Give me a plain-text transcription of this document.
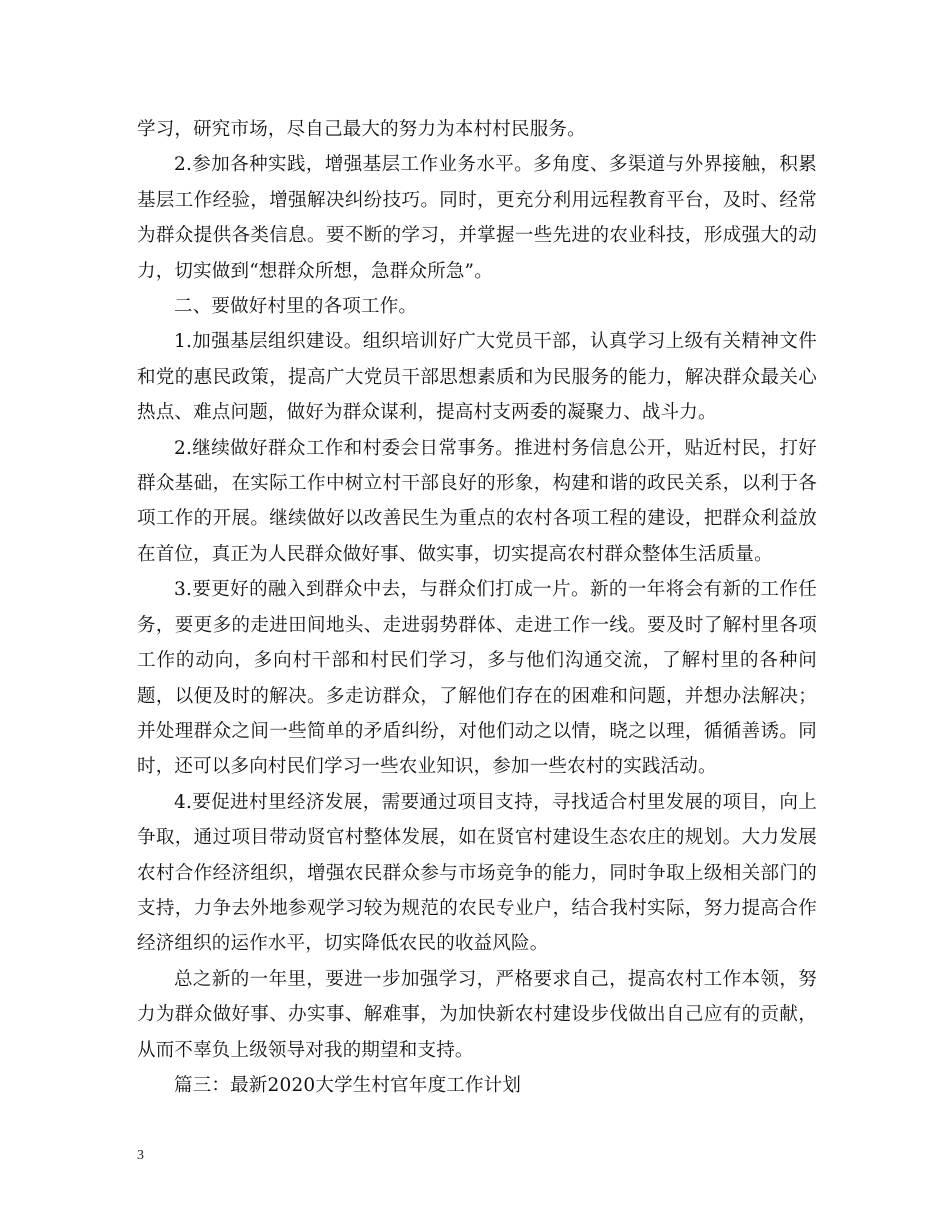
学习，研究市场，尽自己最大的努力为本村村民服务。

2.参加各种实践，增强基层工作业务水平。多角度、多渠道与外界接触，积累基层工作经验，增强解决纠纷技巧。同时，更充分利用远程教育平台，及时、经常为群众提供各类信息。要不断的学习，并掌握一些先进的农业科技，形成强大的动力，切实做到“想群众所想，急群众所急”。

二、要做好村里的各项工作。

1.加强基层组织建设。组织培训好广大党员干部，认真学习上级有关精神文件和党的惠民政策，提高广大党员干部思想素质和为民服务的能力，解决群众最关心热点、难点问题，做好为群众谋利，提高村支两委的凝聚力、战斗力。

2.继续做好群众工作和村委会日常事务。推进村务信息公开，贴近村民，打好群众基础，在实际工作中树立村干部良好的形象，构建和谐的政民关系，以利于各项工作的开展。继续做好以改善民生为重点的农村各项工程的建设，把群众利益放在首位，真正为人民群众做好事、做实事，切实提高农村群众整体生活质量。

3.要更好的融入到群众中去，与群众们打成一片。新的一年将会有新的工作任务，要更多的走进田间地头、走进弱势群体、走进工作一线。要及时了解村里各项工作的动向，多向村干部和村民们学习，多与他们沟通交流，了解村里的各种问题，以便及时的解决。多走访群众，了解他们存在的困难和问题，并想办法解决；并处理群众之间一些简单的矛盾纠纷，对他们动之以情，晓之以理，循循善诱。同时，还可以多向村民们学习一些农业知识，参加一些农村的实践活动。

4.要促进村里经济发展，需要通过项目支持，寻找适合村里发展的项目，向上争取，通过项目带动贤官村整体发展，如在贤官村建设生态农庄的规划。大力发展农村合作经济组织，增强农民群众参与市场竞争的能力，同时争取上级相关部门的支持，力争去外地参观学习较为规范的农民专业户，结合我村实际，努力提高合作经济组织的运作水平，切实降低农民的收益风险。

总之新的一年里，要进一步加强学习，严格要求自己，提高农村工作本领，努力为群众做好事、办实事、解难事，为加快新农村建设步伐做出自己应有的贡献，从而不辜负上级领导对我的期望和支持。

篇三：最新2020大学生村官年度工作计划

3
